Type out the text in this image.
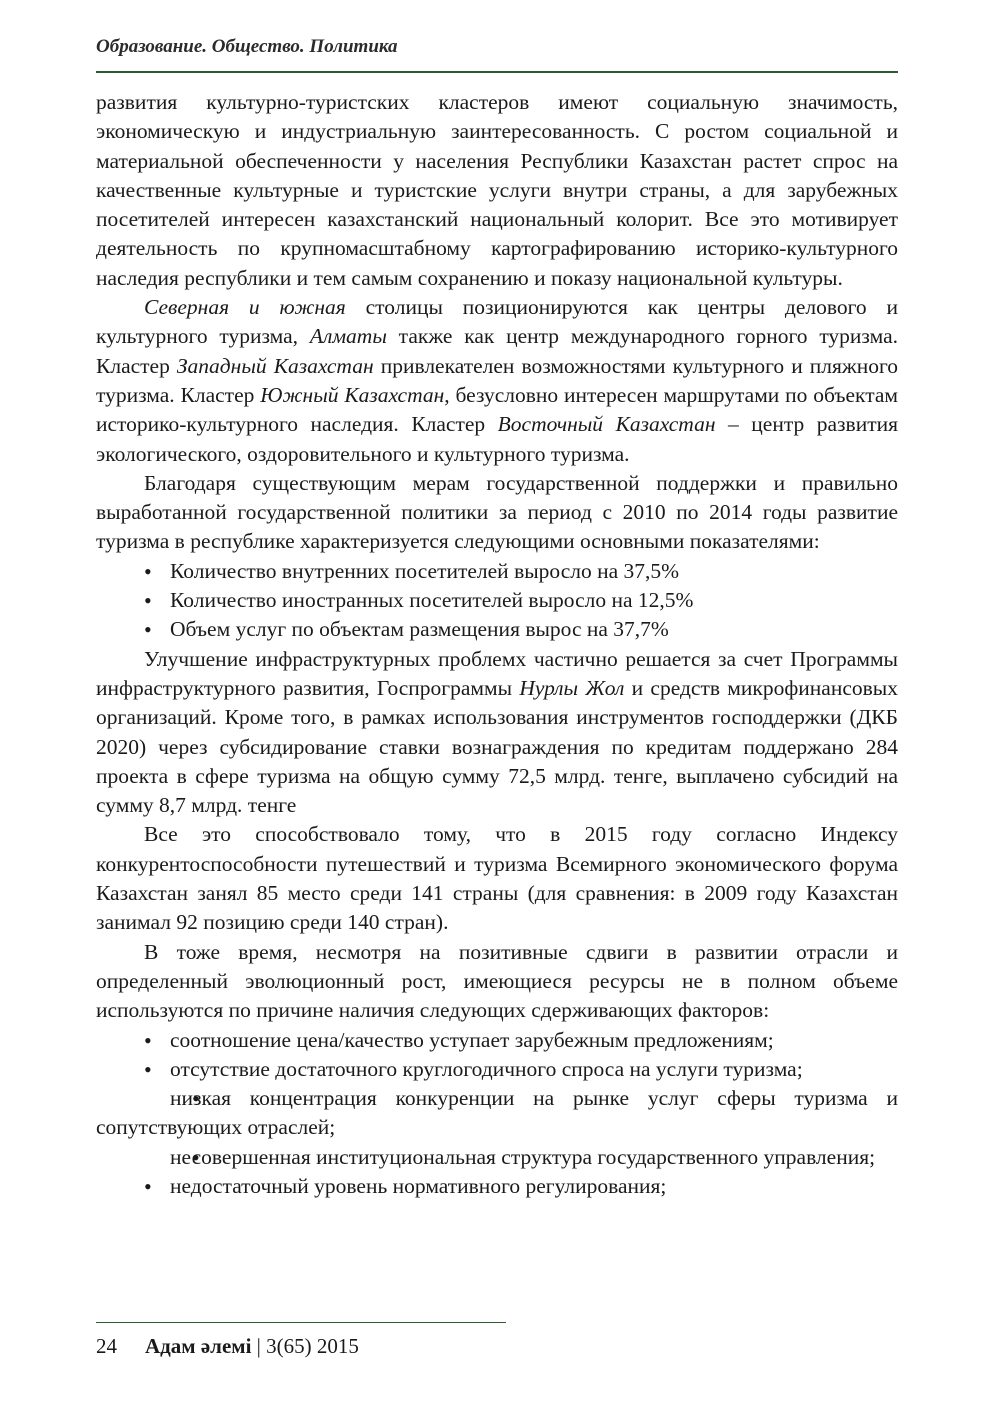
Образование. Общество. Политика

развития культурно-туристских кластеров имеют социальную значимость, экономическую и индустриальную заинтересованность. С ростом социальной и материальной обеспеченности у населения Республики Казахстан растет спрос на качественные культурные и туристские услуги внутри страны, а для зарубежных посетителей интересен казахстанский национальный колорит. Все это мотивирует деятельность по крупномасштабному картографированию историко-культурного наследия республики и тем самым сохранению и показу национальной культуры.

Северная и южная столицы позиционируются как центры делового и культурного туризма, Алматы также как центр международного горного туризма. Кластер Западный Казахстан привлекателен возможностями культурного и пляжного туризма. Кластер Южный Казахстан, безусловно интересен маршрутами по объектам историко-культурного наследия. Кластер Восточный Казахстан – центр развития экологического, оздоровительного и культурного туризма.

Благодаря существующим мерам государственной поддержки и правильно выработанной государственной политики за период с 2010 по 2014 годы развитие туризма в республике характеризуется следующими основными показателями:

• Количество внутренних посетителей выросло на 37,5%
• Количество иностранных посетителей выросло на 12,5%
• Объем услуг по объектам размещения вырос на 37,7%

Улучшение инфраструктурных проблемх частично решается за счет Программы инфраструктурного развития, Госпрограммы Нурлы Жол и средств микрофинансовых организаций. Кроме того, в рамках использования инструментов господдержки (ДКБ 2020) через субсидирование ставки вознаграждения по кредитам поддержано 284 проекта в сфере туризма на общую сумму 72,5 млрд. тенге, выплачено субсидий на сумму 8,7 млрд. тенге

Все это способствовало тому, что в 2015 году согласно Индексу конкурентоспособности путешествий и туризма Всемирного экономического форума Казахстан занял 85 место среди 141 страны (для сравнения: в 2009 году Казахстан занимал 92 позицию среди 140 стран).

В тоже время, несмотря на позитивные сдвиги в развитии отрасли и определенный эволюционный рост, имеющиеся ресурсы не в полном объеме используются по причине наличия следующих сдерживающих факторов:

• соотношение цена/качество уступает зарубежным предложениям;
• отсутствие достаточного круглогодичного спроса на услуги туризма;
• низкая концентрация конкуренции на рынке услуг сферы туризма и сопутствующих отраслей;
• несовершенная институциональная структура государственного управления;
• недостаточный уровень нормативного регулирования;
24 Адам әлемі | 3(65) 2015
